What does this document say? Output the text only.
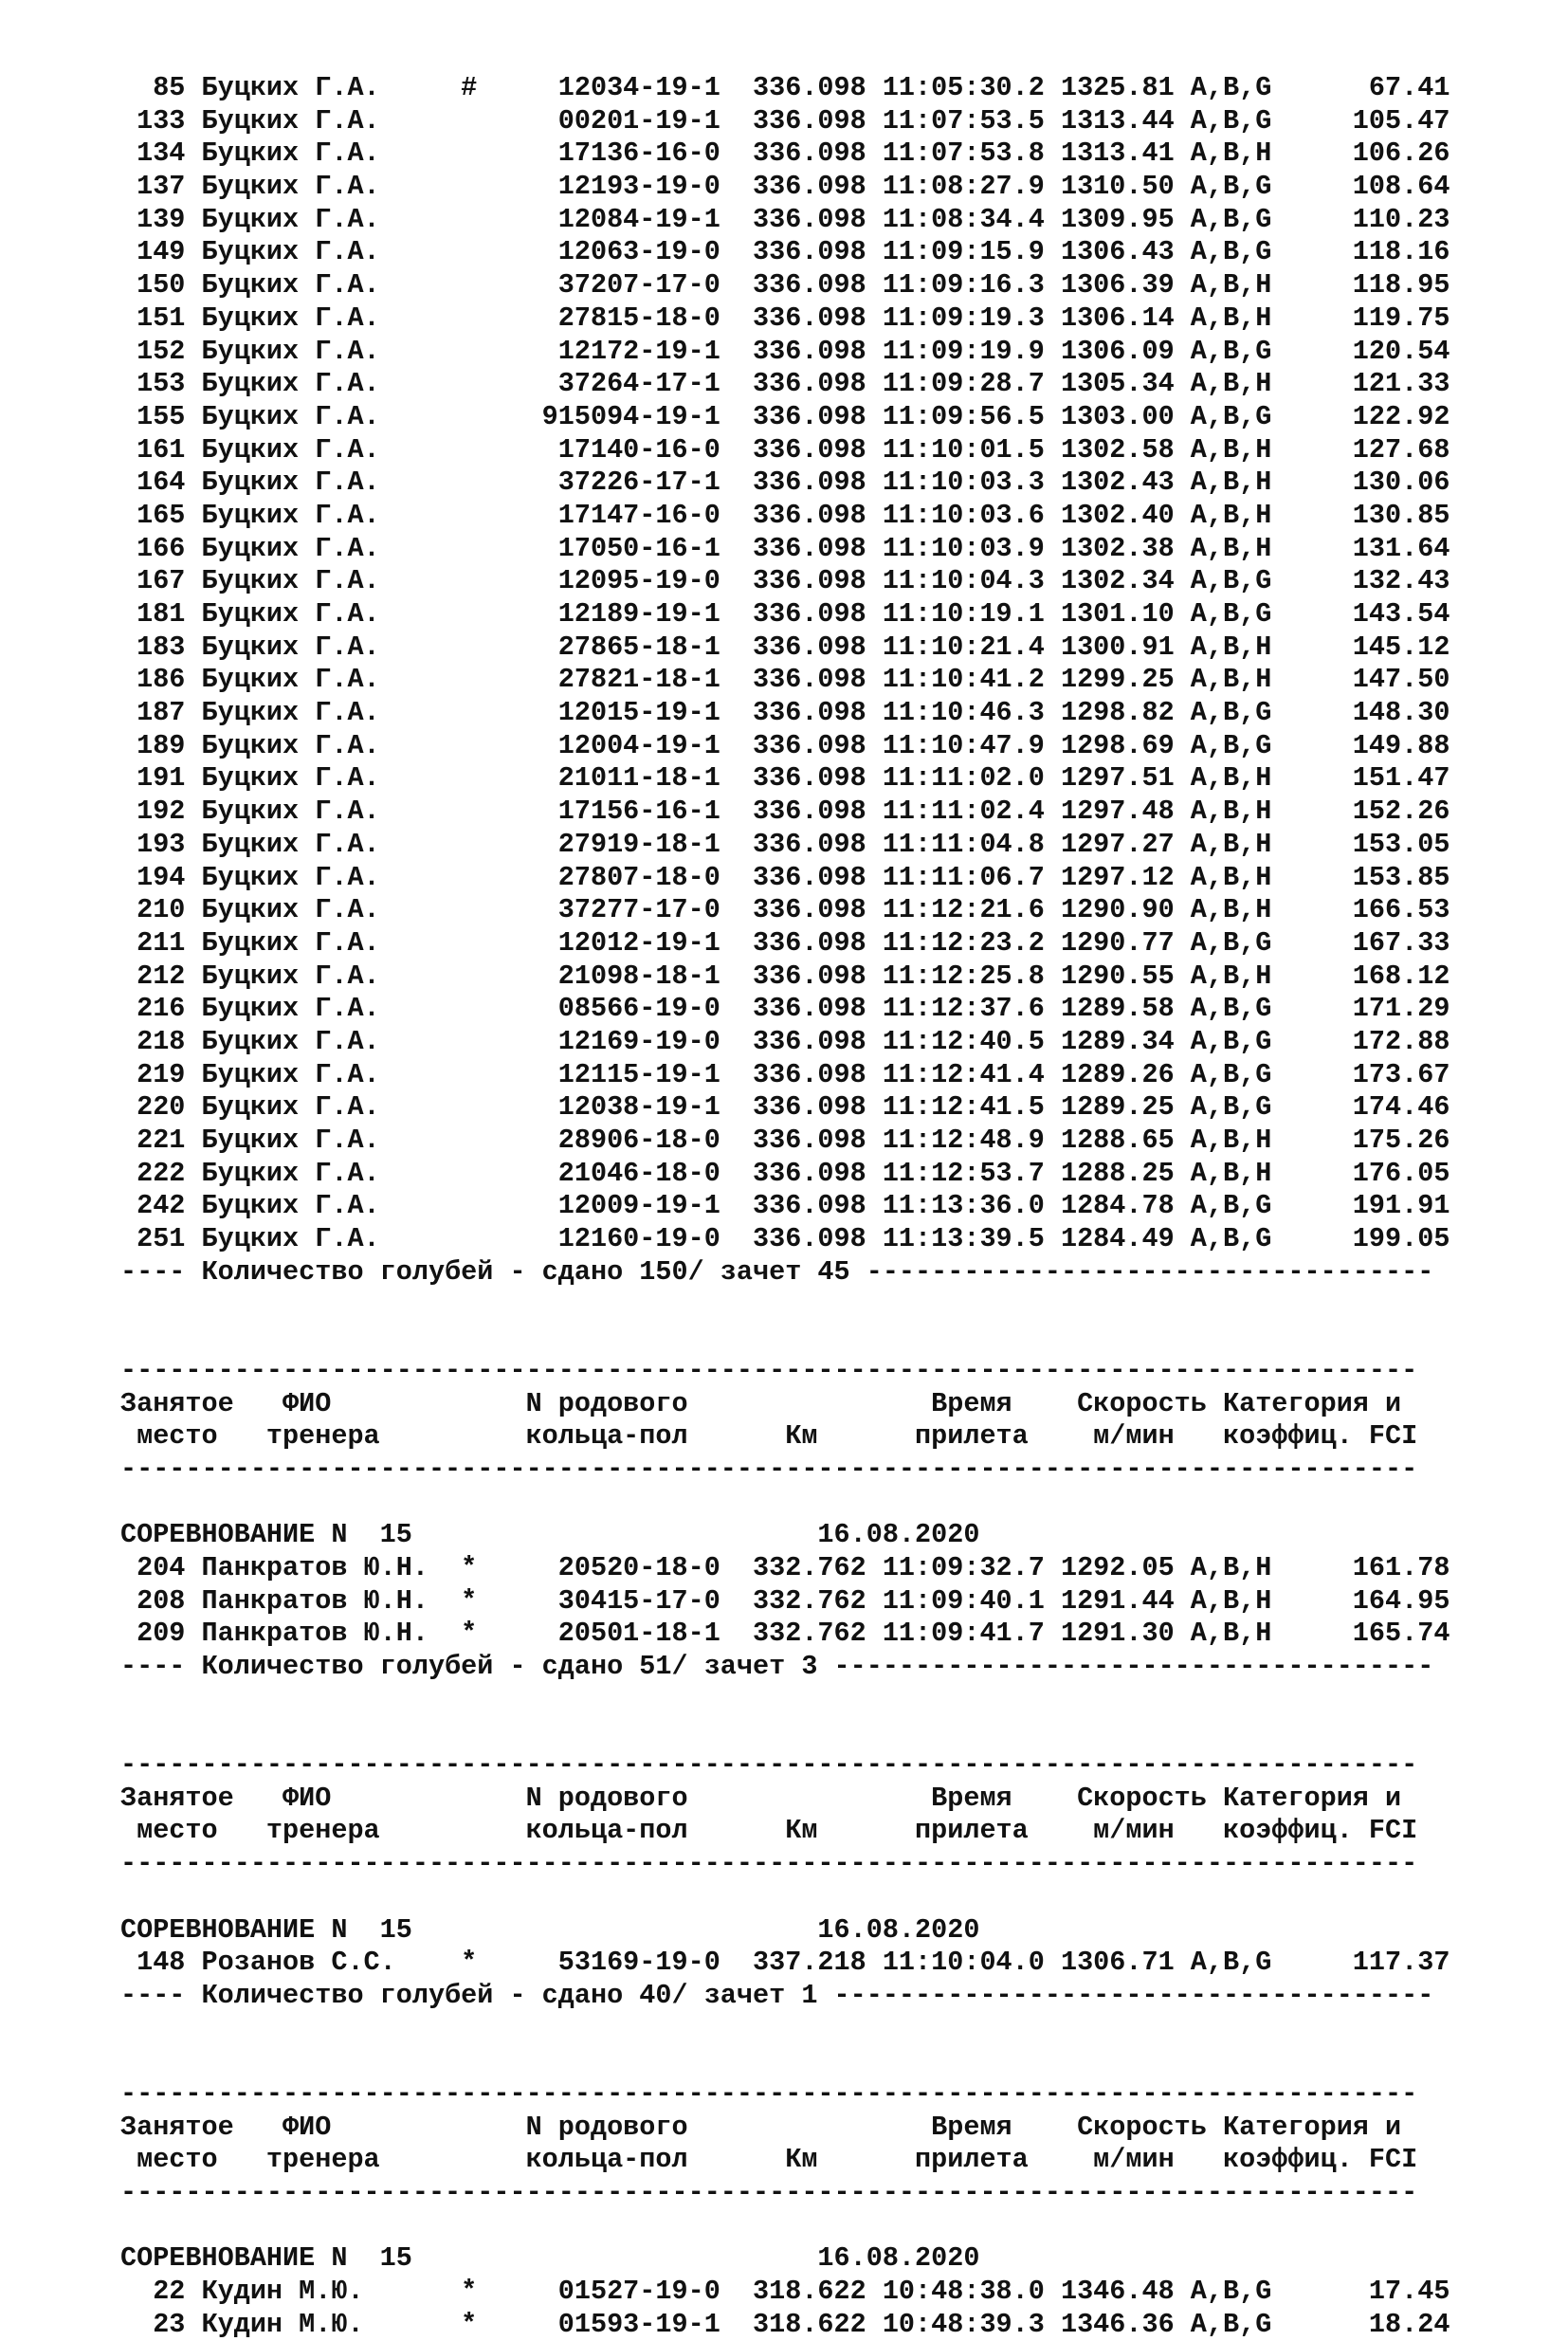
85 Буцких Г.А.     #     12034-19-1  336.098 11:05:30.2 1325.81 A,B,G      67.41
133 Буцких Г.А.           00201-19-1  336.098 11:07:53.5 1313.44 A,B,G     105.47
134 Буцких Г.А.           17136-16-0  336.098 11:07:53.8 1313.41 A,B,H     106.26
137 Буцких Г.А.           12193-19-0  336.098 11:08:27.9 1310.50 A,B,G     108.64
139 Буцких Г.А.           12084-19-1  336.098 11:08:34.4 1309.95 A,B,G     110.23
149 Буцких Г.А.           12063-19-0  336.098 11:09:15.9 1306.43 A,B,G     118.16
150 Буцких Г.А.           37207-17-0  336.098 11:09:16.3 1306.39 A,B,H     118.95
151 Буцких Г.А.           27815-18-0  336.098 11:09:19.3 1306.14 A,B,H     119.75
152 Буцких Г.А.           12172-19-1  336.098 11:09:19.9 1306.09 A,B,G     120.54
153 Буцких Г.А.           37264-17-1  336.098 11:09:28.7 1305.34 A,B,H     121.33
155 Буцких Г.А.          915094-19-1  336.098 11:09:56.5 1303.00 A,B,G     122.92
161 Буцких Г.А.           17140-16-0  336.098 11:10:01.5 1302.58 A,B,H     127.68
164 Буцких Г.А.           37226-17-1  336.098 11:10:03.3 1302.43 A,B,H     130.06
165 Буцких Г.А.           17147-16-0  336.098 11:10:03.6 1302.40 A,B,H     130.85
166 Буцких Г.А.           17050-16-1  336.098 11:10:03.9 1302.38 A,B,H     131.64
167 Буцких Г.А.           12095-19-0  336.098 11:10:04.3 1302.34 A,B,G     132.43
181 Буцких Г.А.           12189-19-1  336.098 11:10:19.1 1301.10 A,B,G     143.54
183 Буцких Г.А.           27865-18-1  336.098 11:10:21.4 1300.91 A,B,H     145.12
186 Буцких Г.А.           27821-18-1  336.098 11:10:41.2 1299.25 A,B,H     147.50
187 Буцких Г.А.           12015-19-1  336.098 11:10:46.3 1298.82 A,B,G     148.30
189 Буцких Г.А.           12004-19-1  336.098 11:10:47.9 1298.69 A,B,G     149.88
191 Буцких Г.А.           21011-18-1  336.098 11:11:02.0 1297.51 A,B,H     151.47
192 Буцких Г.А.           17156-16-1  336.098 11:11:02.4 1297.48 A,B,H     152.26
193 Буцких Г.А.           27919-18-1  336.098 11:11:04.8 1297.27 A,B,H     153.05
194 Буцких Г.А.           27807-18-0  336.098 11:11:06.7 1297.12 A,B,H     153.85
210 Буцких Г.А.           37277-17-0  336.098 11:12:21.6 1290.90 A,B,H     166.53
211 Буцких Г.А.           12012-19-1  336.098 11:12:23.2 1290.77 A,B,G     167.33
212 Буцких Г.А.           21098-18-1  336.098 11:12:25.8 1290.55 A,B,H     168.12
216 Буцких Г.А.           08566-19-0  336.098 11:12:37.6 1289.58 A,B,G     171.29
218 Буцких Г.А.           12169-19-0  336.098 11:12:40.5 1289.34 A,B,G     172.88
219 Буцких Г.А.           12115-19-1  336.098 11:12:41.4 1289.26 A,B,G     173.67
220 Буцких Г.А.           12038-19-1  336.098 11:12:41.5 1289.25 A,B,G     174.46
221 Буцких Г.А.           28906-18-0  336.098 11:12:48.9 1288.65 A,B,H     175.26
222 Буцких Г.А.           21046-18-0  336.098 11:12:53.7 1288.25 A,B,H     176.05
242 Буцких Г.А.           12009-19-1  336.098 11:13:36.0 1284.78 A,B,G     191.91
251 Буцких Г.А.           12160-19-0  336.098 11:13:39.5 1284.49 A,B,G     199.05
---- Количество голубей - сдано 150/ зачет 45 -----------------------------------
--------------------------------------------------------------------------------
Занятое   ФИО            N родового               Время    Скорость Категория и
место   тренера         кольца-пол      Км      прилета    м/мин   коэффиц. FCI
--------------------------------------------------------------------------------
СОРЕВНОВАНИЕ N  15                         16.08.2020
204 Панкратов Ю.Н.  *     20520-18-0  332.762 11:09:32.7 1292.05 A,B,H     161.78
208 Панкратов Ю.Н.  *     30415-17-0  332.762 11:09:40.1 1291.44 A,B,H     164.95
209 Панкратов Ю.Н.  *     20501-18-1  332.762 11:09:41.7 1291.30 A,B,H     165.74
---- Количество голубей - сдано 51/ зачет 3 -------------------------------------
--------------------------------------------------------------------------------
Занятое   ФИО            N родового               Время    Скорость Категория и
место   тренера         кольца-пол      Км      прилета    м/мин   коэффиц. FCI
--------------------------------------------------------------------------------
СОРЕВНОВАНИЕ N  15                         16.08.2020
148 Розанов С.С.    *     53169-19-0  337.218 11:10:04.0 1306.71 A,B,G     117.37
---- Количество голубей - сдано 40/ зачет 1 -------------------------------------
--------------------------------------------------------------------------------
Занятое   ФИО            N родового               Время    Скорость Категория и
место   тренера         кольца-пол      Км      прилета    м/мин   коэффиц. FCI
--------------------------------------------------------------------------------
СОРЕВНОВАНИЕ N  15                         16.08.2020
22 Кудин М.Ю.      *     01527-19-0  318.622 10:48:38.0 1346.48 A,B,G      17.45
23 Кудин М.Ю.      *     01593-19-1  318.622 10:48:39.3 1346.36 A,B,G      18.24
